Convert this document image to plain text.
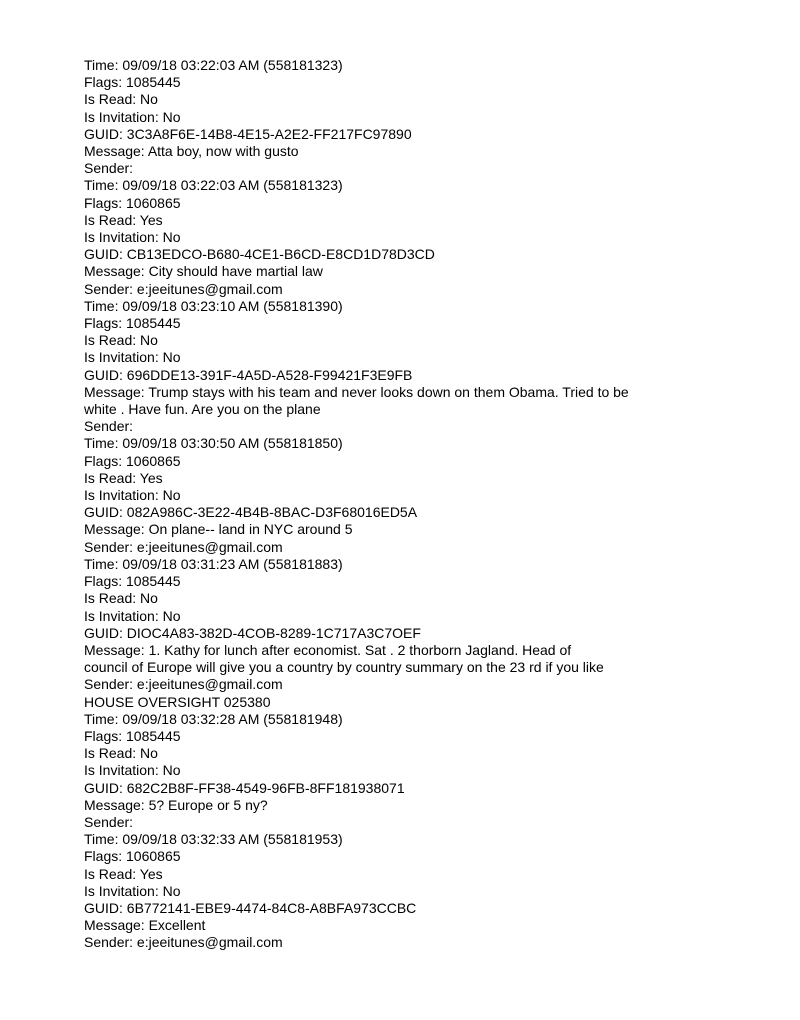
Time: 09/09/18 03:22:03 AM (558181323)
Flags: 1085445
Is Read: No
Is Invitation: No
GUID: 3C3A8F6E-14B8-4E15-A2E2-FF217FC97890
Message: Atta boy, now with gusto
Sender:
Time: 09/09/18 03:22:03 AM (558181323)
Flags: 1060865
Is Read: Yes
Is Invitation: No
GUID: CB13EDCO-B680-4CE1-B6CD-E8CD1D78D3CD
Message: City should have martial law
Sender: e:jeeitunes@gmail.com
Time: 09/09/18 03:23:10 AM (558181390)
Flags: 1085445
Is Read: No
Is Invitation: No
GUID: 696DDE13-391F-4A5D-A528-F99421F3E9FB
Message: Trump stays with his team and never looks down on them Obama. Tried to be
white . Have fun. Are you on the plane
Sender:
Time: 09/09/18 03:30:50 AM (558181850)
Flags: 1060865
Is Read: Yes
Is Invitation: No
GUID: 082A986C-3E22-4B4B-8BAC-D3F68016ED5A
Message: On plane-- land in NYC around 5
Sender: e:jeeitunes@gmail.com
Time: 09/09/18 03:31:23 AM (558181883)
Flags: 1085445
Is Read: No
Is Invitation: No
GUID: DIOC4A83-382D-4COB-8289-1C717A3C7OEF
Message: 1. Kathy for lunch after economist. Sat . 2 thorborn Jagland. Head of
council of Europe will give you a country by country summary on the 23 rd if you like
Sender: e:jeeitunes@gmail.com
HOUSE OVERSIGHT 025380
Time: 09/09/18 03:32:28 AM (558181948)
Flags: 1085445
Is Read: No
Is Invitation: No
GUID: 682C2B8F-FF38-4549-96FB-8FF181938071
Message: 5? Europe or 5 ny?
Sender:
Time: 09/09/18 03:32:33 AM (558181953)
Flags: 1060865
Is Read: Yes
Is Invitation: No
GUID: 6B772141-EBE9-4474-84C8-A8BFA973CCBC
Message: Excellent
Sender: e:jeeitunes@gmail.com
